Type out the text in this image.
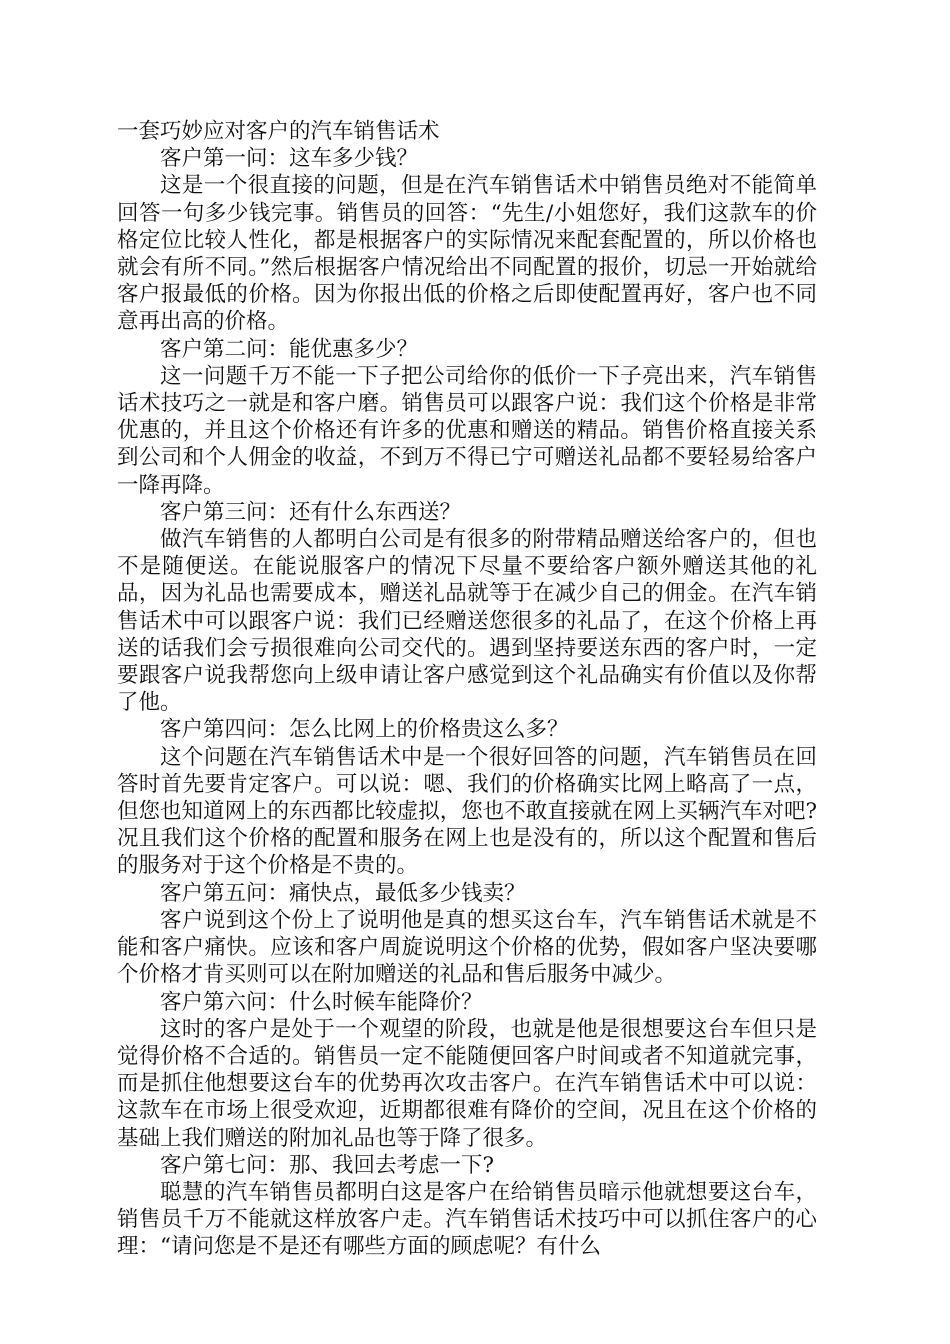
一套巧妙应对客户的汽车销售话术

客户第一问：这车多少钱？

这是一个很直接的问题，但是在汽车销售话术中销售员绝对不能简单回答一句多少钱完事。销售员的回答：“先生/小姐您好，我们这款车的价格定位比较人性化，都是根据客户的实际情况来配套配置的，所以价格也就会有所不同。”然后根据客户情况给出不同配置的报价，切忌一开始就给客户报最低的价格。因为你报出低的价格之后即使配置再好，客户也不同意再出高的价格。

客户第二问：能优惠多少？

这一问题千万不能一下子把公司给你的低价一下子亮出来，汽车销售话术技巧之一就是和客户磨。销售员可以跟客户说：我们这个价格是非常优惠的，并且这个价格还有许多的优惠和赠送的精品。销售价格直接关系到公司和个人佣金的收益，不到万不得已宁可赠送礼品都不要轻易给客户一降再降。

客户第三问：还有什么东西送？

做汽车销售的人都明白公司是有很多的附带精品赠送给客户的，但也不是随便送。在能说服客户的情况下尽量不要给客户额外赠送其他的礼品，因为礼品也需要成本，赠送礼品就等于在减少自己的佣金。在汽车销售话术中可以跟客户说：我们已经赠送您很多的礼品了，在这个价格上再送的话我们会亏损很难向公司交代的。遇到坚持要送东西的客户时，一定要跟客户说我帮您向上级申请让客户感觉到这个礼品确实有价值以及你帮了他。

客户第四问：怎么比网上的价格贵这么多？

这个问题在汽车销售话术中是一个很好回答的问题，汽车销售员在回答时首先要肯定客户。可以说：嗯、我们的价格确实比网上略高了一点，但您也知道网上的东西都比较虚拟，您也不敢直接就在网上买辆汽车对吧?况且我们这个价格的配置和服务在网上也是没有的，所以这个配置和售后的服务对于这个价格是不贵的。

客户第五问：痛快点，最低多少钱卖？

客户说到这个份上了说明他是真的想买这台车，汽车销售话术就是不能和客户痛快。应该和客户周旋说明这个价格的优势，假如客户坚决要哪个价格才肯买则可以在附加赠送的礼品和售后服务中减少。

客户第六问：什么时候车能降价？

这时的客户是处于一个观望的阶段，也就是他是很想要这台车但只是觉得价格不合适的。销售员一定不能随便回客户时间或者不知道就完事，而是抓住他想要这台车的优势再次攻击客户。在汽车销售话术中可以说：这款车在市场上很受欢迎，近期都很难有降价的空间，况且在这个价格的基础上我们赠送的附加礼品也等于降了很多。

客户第七问：那、我回去考虑一下?

聪慧的汽车销售员都明白这是客户在给销售员暗示他就想要这台车，销售员千万不能就这样放客户走。汽车销售话术技巧中可以抓住客户的心理：“请问您是不是还有哪些方面的顾虑呢？有什么
